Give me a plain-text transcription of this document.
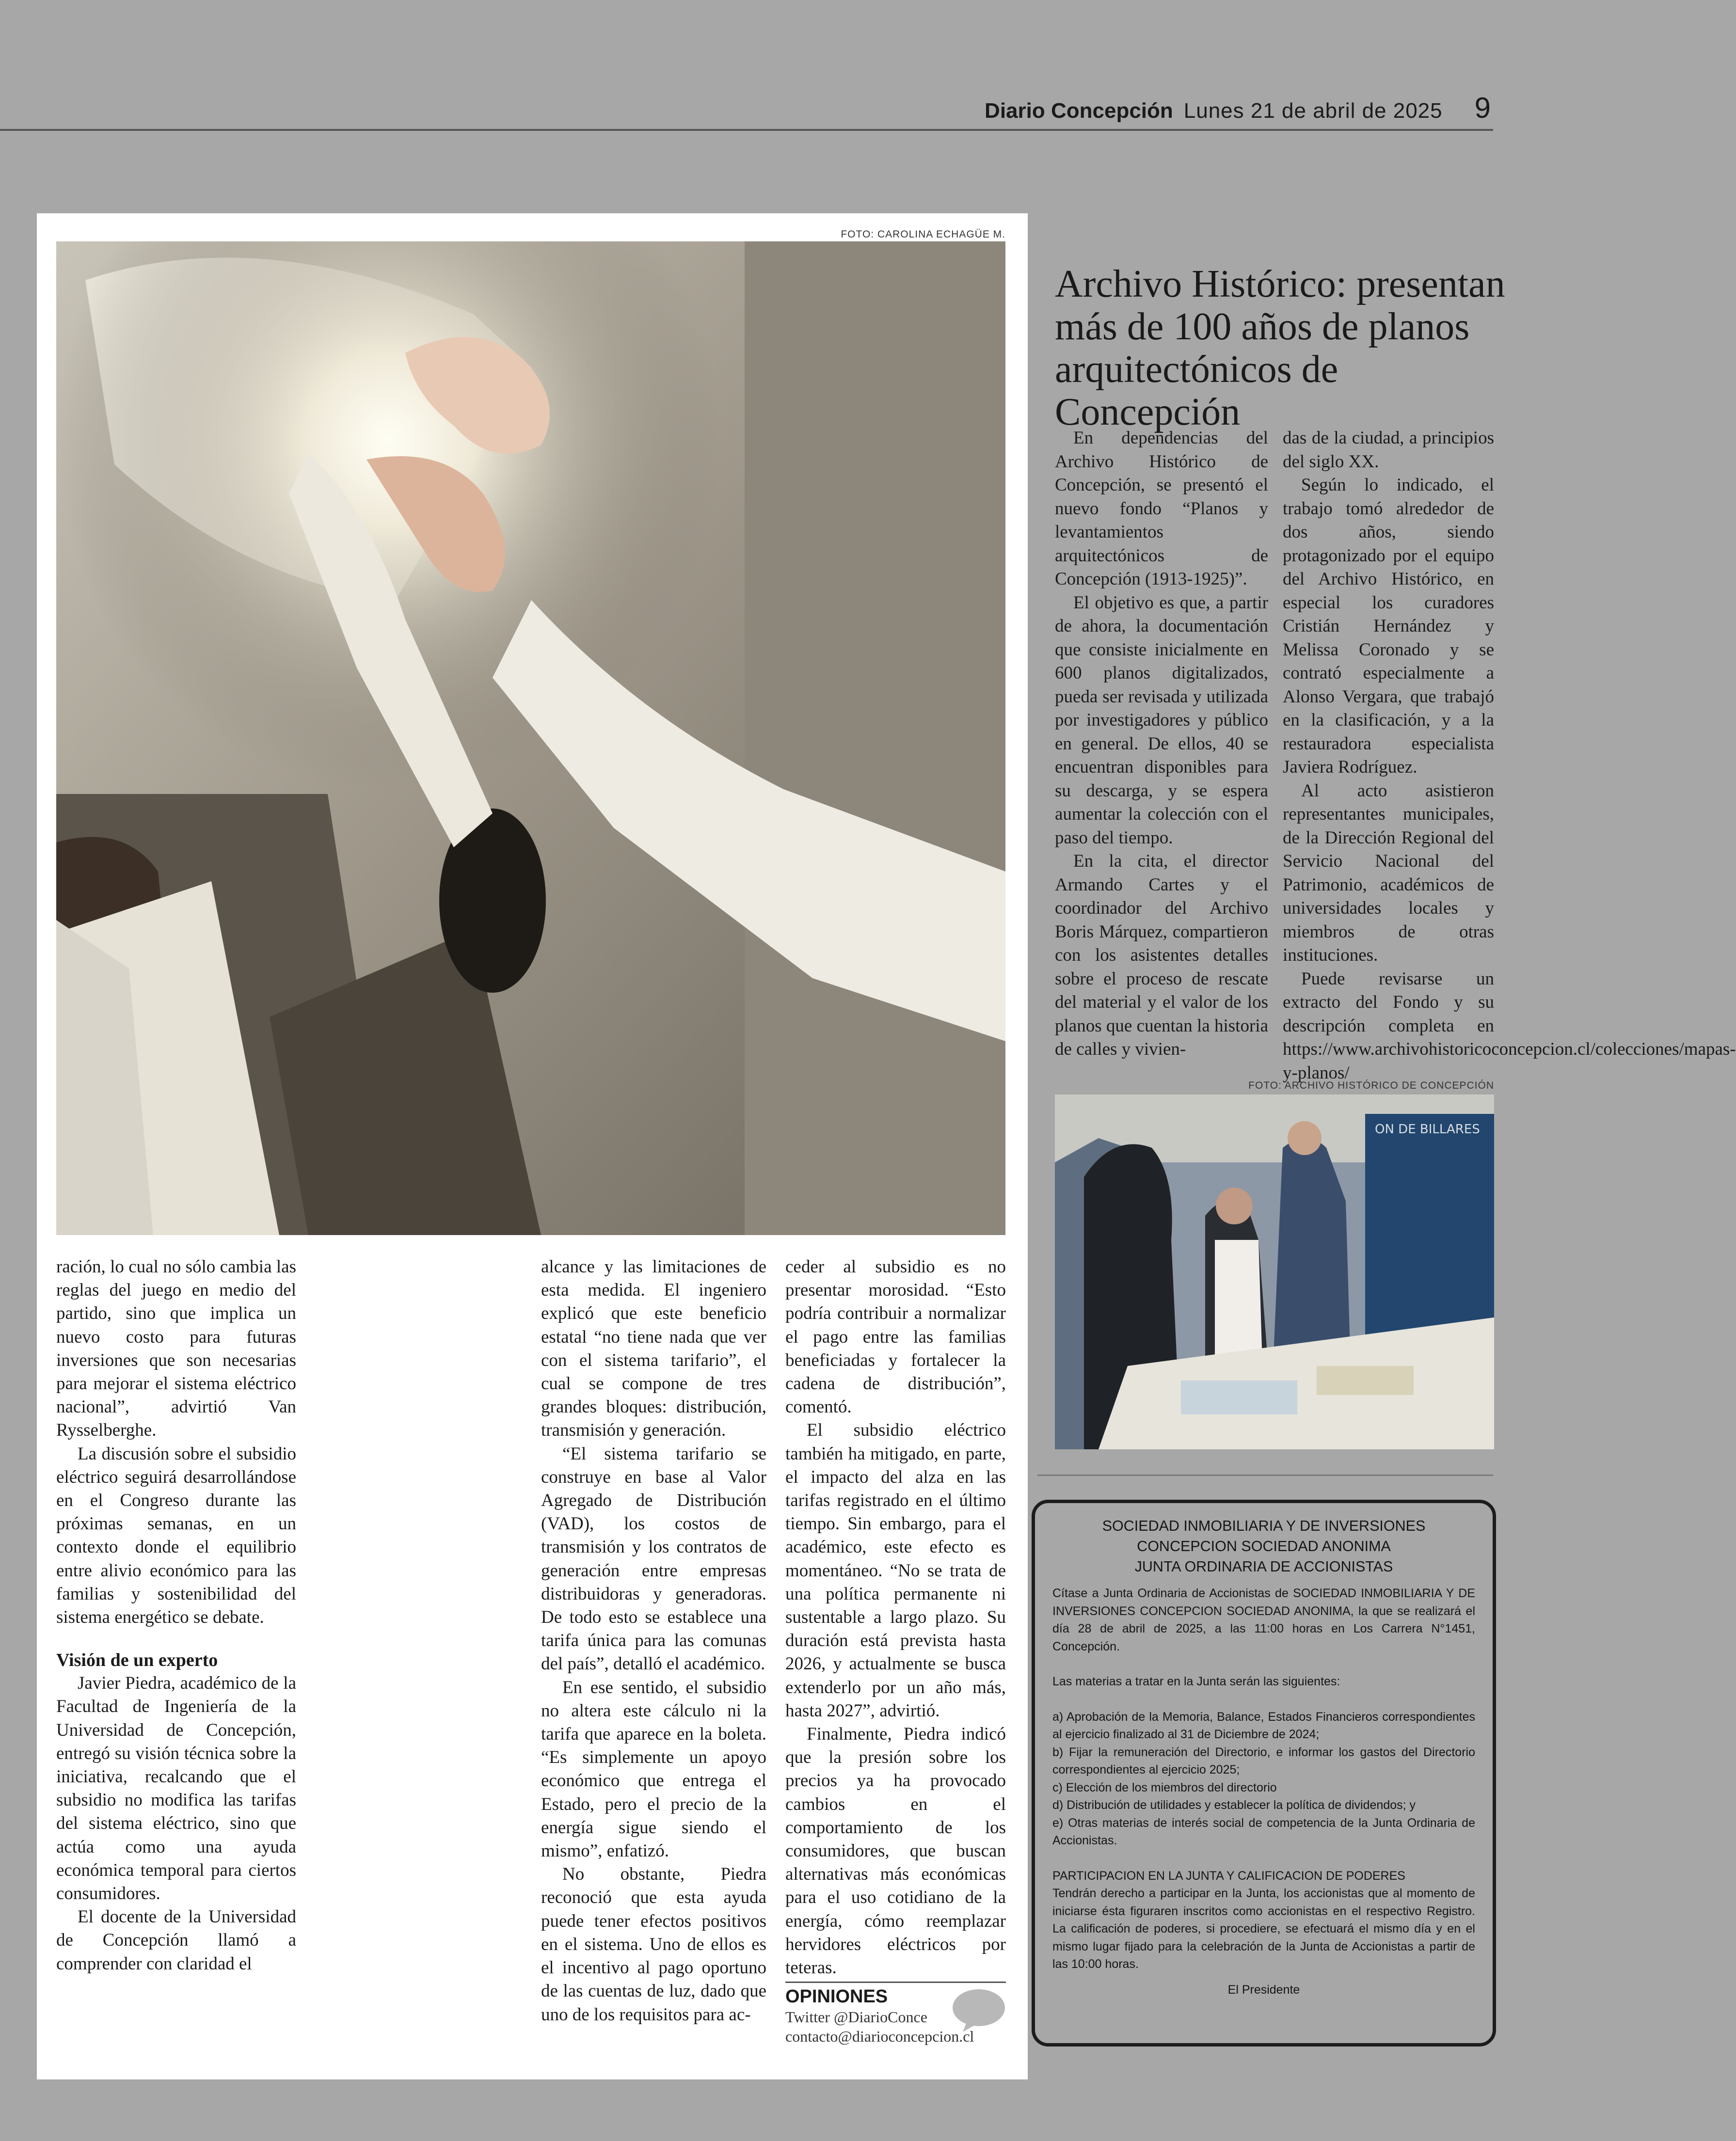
Diario Concepción Lunes 21 de abril de 2025 9
FOTO: CAROLINA ECHAGÜE M.

ración, lo cual no sólo cambia las reglas del juego en medio del partido, sino que implica un nuevo costo para futuras inversiones que son necesarias para mejorar el sistema eléctrico nacional”, advirtió Van Rysselberghe.

La discusión sobre el subsidio eléctrico seguirá desarrollándose en el Congreso durante las próximas semanas, en un contexto donde el equilibrio entre alivio económico para las familias y sostenibilidad del sistema energético se debate.

Visión de un experto

Javier Piedra, académico de la Facultad de Ingeniería de la Universidad de Concepción, entregó su visión técnica sobre la iniciativa, recalcando que el subsidio no modifica las tarifas del sistema eléctrico, sino que actúa como una ayuda económica temporal para ciertos consumidores.

El docente de la Universidad de Concepción llamó a comprender con claridad el

alcance y las limitaciones de esta medida. El ingeniero explicó que este beneficio estatal “no tiene nada que ver con el sistema tarifario”, el cual se compone de tres grandes bloques: distribución, transmisión y generación.

“El sistema tarifario se construye en base al Valor Agregado de Distribución (VAD), los costos de transmisión y los contratos de generación entre empresas distribuidoras y generadoras. De todo esto se establece una tarifa única para las comunas del país”, detalló el académico.

En ese sentido, el subsidio no altera este cálculo ni la tarifa que aparece en la boleta. “Es simplemente un apoyo económico que entrega el Estado, pero el precio de la energía sigue siendo el mismo”, enfatizó.

No obstante, Piedra reconoció que esta ayuda puede tener efectos positivos en el sistema. Uno de ellos es el incentivo al pago oportuno de las cuentas de luz, dado que uno de los requisitos para ac-

ceder al subsidio es no presentar morosidad. “Esto podría contribuir a normalizar el pago entre las familias beneficiadas y fortalecer la cadena de distribución”, comentó.

El subsidio eléctrico también ha mitigado, en parte, el impacto del alza en las tarifas registrado en el último tiempo. Sin embargo, para el académico, este efecto es momentáneo. “No se trata de una política permanente ni sustentable a largo plazo. Su duración está prevista hasta 2026, y actualmente se busca extenderlo por un año más, hasta 2027”, advirtió.

Finalmente, Piedra indicó que la presión sobre los precios ya ha provocado cambios en el comportamiento de los consumidores, que buscan alternativas más económicas para el uso cotidiano de la energía, cómo reemplazar hervidores eléctricos por teteras.

OPINIONES
Twitter @DiarioConce
contacto@diarioconcepcion.cl
Archivo Histórico: presentan más de 100 años de planos arquitectónicos de Concepción

En dependencias del Archivo Histórico de Concepción, se presentó el nuevo fondo “Planos y levantamientos arquitectónicos de Concepción (1913-1925)”.

El objetivo es que, a partir de ahora, la documentación que consiste inicialmente en 600 planos digitalizados, pueda ser revisada y utilizada por investigadores y público en general. De ellos, 40 se encuentran disponibles para su descarga, y se espera aumentar la colección con el paso del tiempo.

En la cita, el director Armando Cartes y el coordinador del Archivo Boris Márquez, compartieron con los asistentes detalles sobre el proceso de rescate del material y el valor de los planos que cuentan la historia de calles y vivien-

das de la ciudad, a principios del siglo XX.

Según lo indicado, el trabajo tomó alrededor de dos años, siendo protagonizado por el equipo del Archivo Histórico, en especial los curadores Cristián Hernández y Melissa Coronado y se contrató especialmente a Alonso Vergara, que trabajó en la clasificación, y a la restauradora especialista Javiera Rodríguez.

Al acto asistieron representantes municipales, de la Dirección Regional del Servicio Nacional del Patrimonio, académicos de universidades locales y miembros de otras instituciones.

Puede revisarse un extracto del Fondo y su descripción completa en https://www.archivohistoricoconcepcion.cl/colecciones/mapas-y-planos/

FOTO: ARCHIVO HISTÓRICO DE CONCEPCIÓN
ON DE BILLARES
SOCIEDAD INMOBILIARIA Y DE INVERSIONES
CONCEPCION SOCIEDAD ANONIMA
JUNTA ORDINARIA DE ACCIONISTAS

Cítase a Junta Ordinaria de Accionistas de SOCIEDAD INMOBILIARIA Y DE INVERSIONES CONCEPCION SOCIEDAD ANONIMA, la que se realizará el día 28 de abril de 2025, a las 11:00 horas en Los Carrera N°1451, Concepción.

Las materias a tratar en la Junta serán las siguientes:

a) Aprobación de la Memoria, Balance, Estados Financieros correspondientes al ejercicio finalizado al 31 de Diciembre de 2024;

b) Fijar la remuneración del Directorio, e informar los gastos del Directorio correspondientes al ejercicio 2025;

c) Elección de los miembros del directorio

d) Distribución de utilidades y establecer la política de dividendos; y

e) Otras materias de interés social de competencia de la Junta Ordinaria de Accionistas.

PARTICIPACION EN LA JUNTA Y CALIFICACION DE PODERES

Tendrán derecho a participar en la Junta, los accionistas que al momento de iniciarse ésta figuraren inscritos como accionistas en el respectivo Registro. La calificación de poderes, si procediere, se efectuará el mismo día y en el mismo lugar fijado para la celebración de la Junta de Accionistas a partir de las 10:00 horas.

El Presidente
